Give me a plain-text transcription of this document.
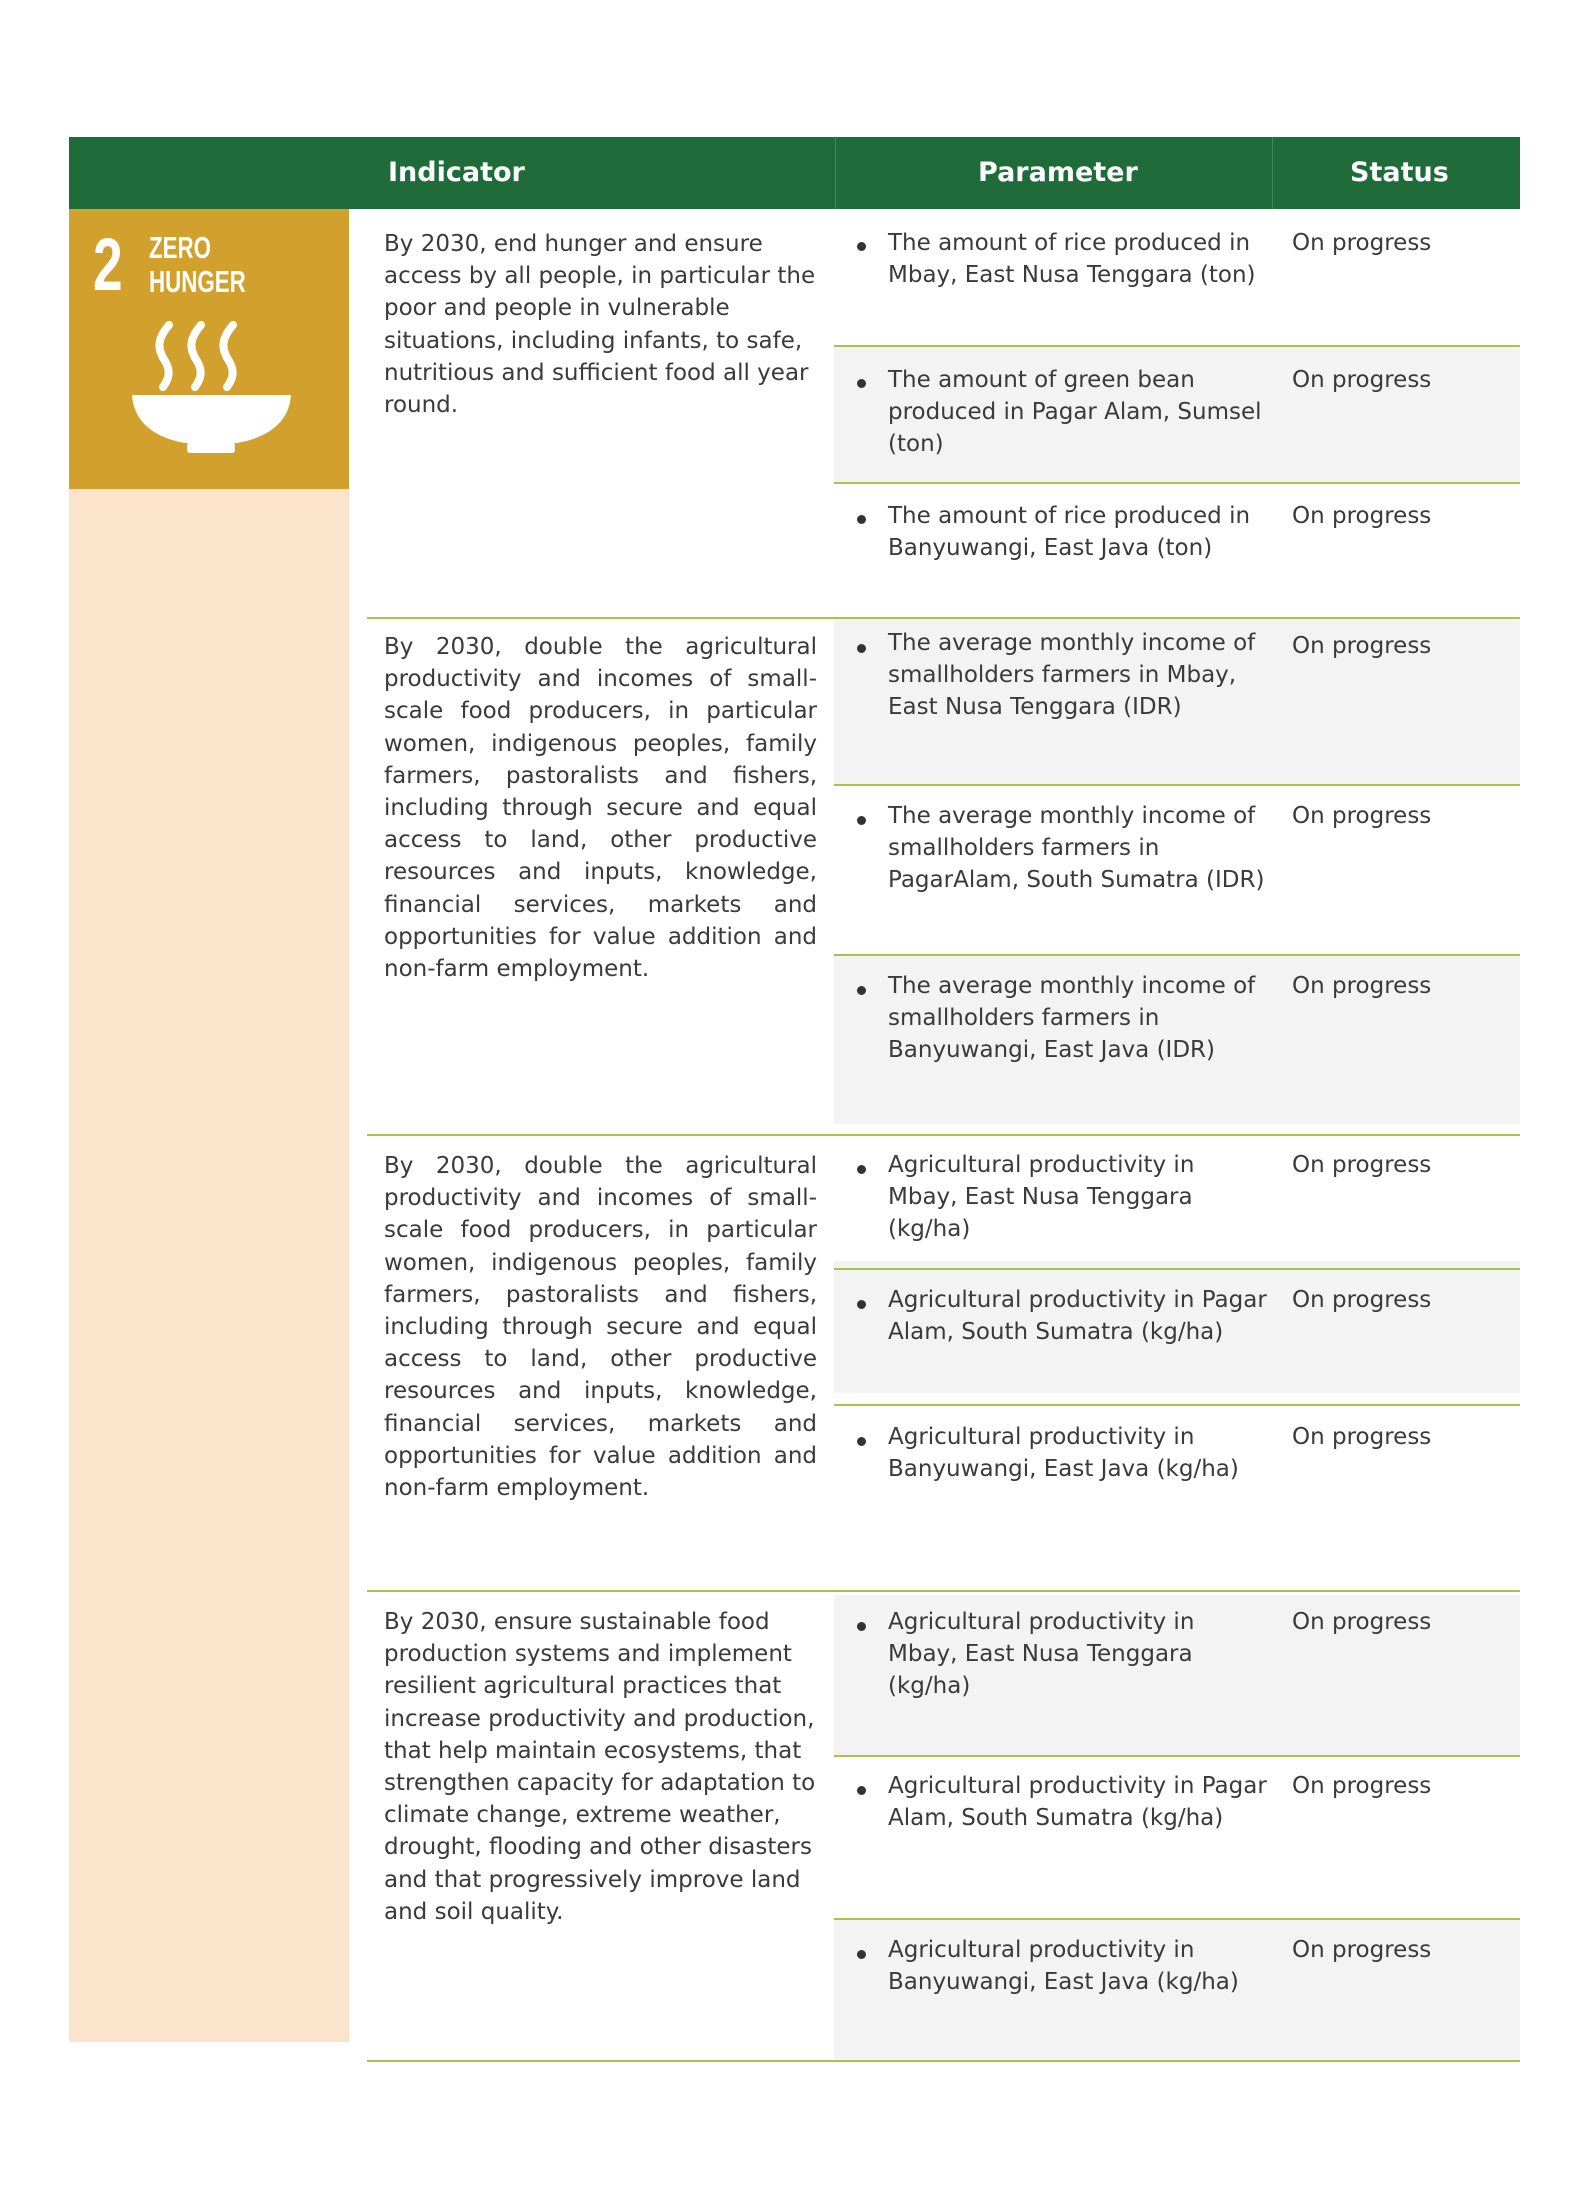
Indicator	Parameter	Status
2 ZERO
HUNGER
By 2030, end hunger and ensure access by all people, in particular the poor and people in vulnerable situations, including infants, to safe, nutritious and sufficient food all year round.
By 2030, double the agricultural productivity and incomes of small-scale food producers, in particular women, indigenous peoples, family farmers, pastoralists and fishers, including through secure and equal access to land, other productive resources and inputs, knowledge, financial services, markets and opportunities for value addition and non-farm employment.
By 2030, double the agricultural productivity and incomes of small-scale food producers, in particular women, indigenous peoples, family farmers, pastoralists and fishers, including through secure and equal access to land, other productive resources and inputs, knowledge, financial services, markets and opportunities for value addition and non-farm employment.
By 2030, ensure sustainable food production systems and implement resilient agricultural practices that increase productivity and production, that help maintain ecosystems, that strengthen capacity for adaptation to climate change, extreme weather, drought, flooding and other disasters and that progressively improve land and soil quality.
The amount of rice produced in Mbay, East Nusa Tenggara (ton)
On progress
The amount of green bean produced in Pagar Alam, Sumsel (ton)
On progress
The amount of rice produced in Banyuwangi, East Java (ton)
On progress
The average monthly income of smallholders farmers in Mbay, East Nusa Tenggara (IDR)
On progress
The average monthly income of smallholders farmers in PagarAlam, South Sumatra (IDR)
On progress
The average monthly income of smallholders farmers in Banyuwangi, East Java (IDR)
On progress
Agricultural productivity in Mbay, East Nusa Tenggara (kg/ha)
On progress
Agricultural productivity in Pagar Alam, South Sumatra (kg/ha)
On progress
Agricultural productivity in Banyuwangi, East Java (kg/ha)
On progress
Agricultural productivity in Mbay, East Nusa Tenggara (kg/ha)
On progress
Agricultural productivity in Pagar Alam, South Sumatra (kg/ha)
On progress
Agricultural productivity in Banyuwangi, East Java (kg/ha)
On progress
